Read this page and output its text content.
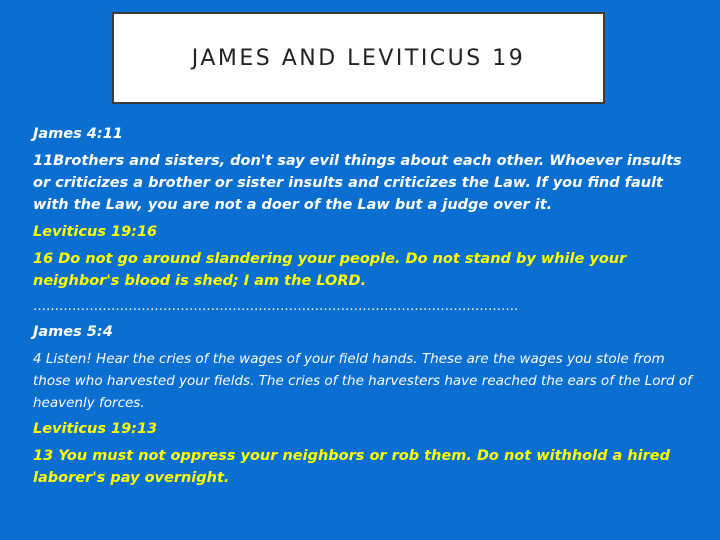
JAMES AND LEVITICUS 19

James 4:11

11Brothers and sisters, don't say evil things about each other. Whoever insults or criticizes a brother or sister insults and criticizes the Law. If you find fault with the Law, you are not a doer of the Law but a judge over it.

Leviticus 19:16

16 Do not go around slandering your people. Do not stand by while your neighbor's blood is shed; I am the LORD.

………………………………………………………………………………………………….

James 5:4

4 Listen! Hear the cries of the wages of your field hands. These are the wages you stole from those who harvested your fields. The cries of the harvesters have reached the ears of the Lord of heavenly forces.

Leviticus 19:13

13 You must not oppress your neighbors or rob them. Do not withhold a hired laborer's pay overnight.
